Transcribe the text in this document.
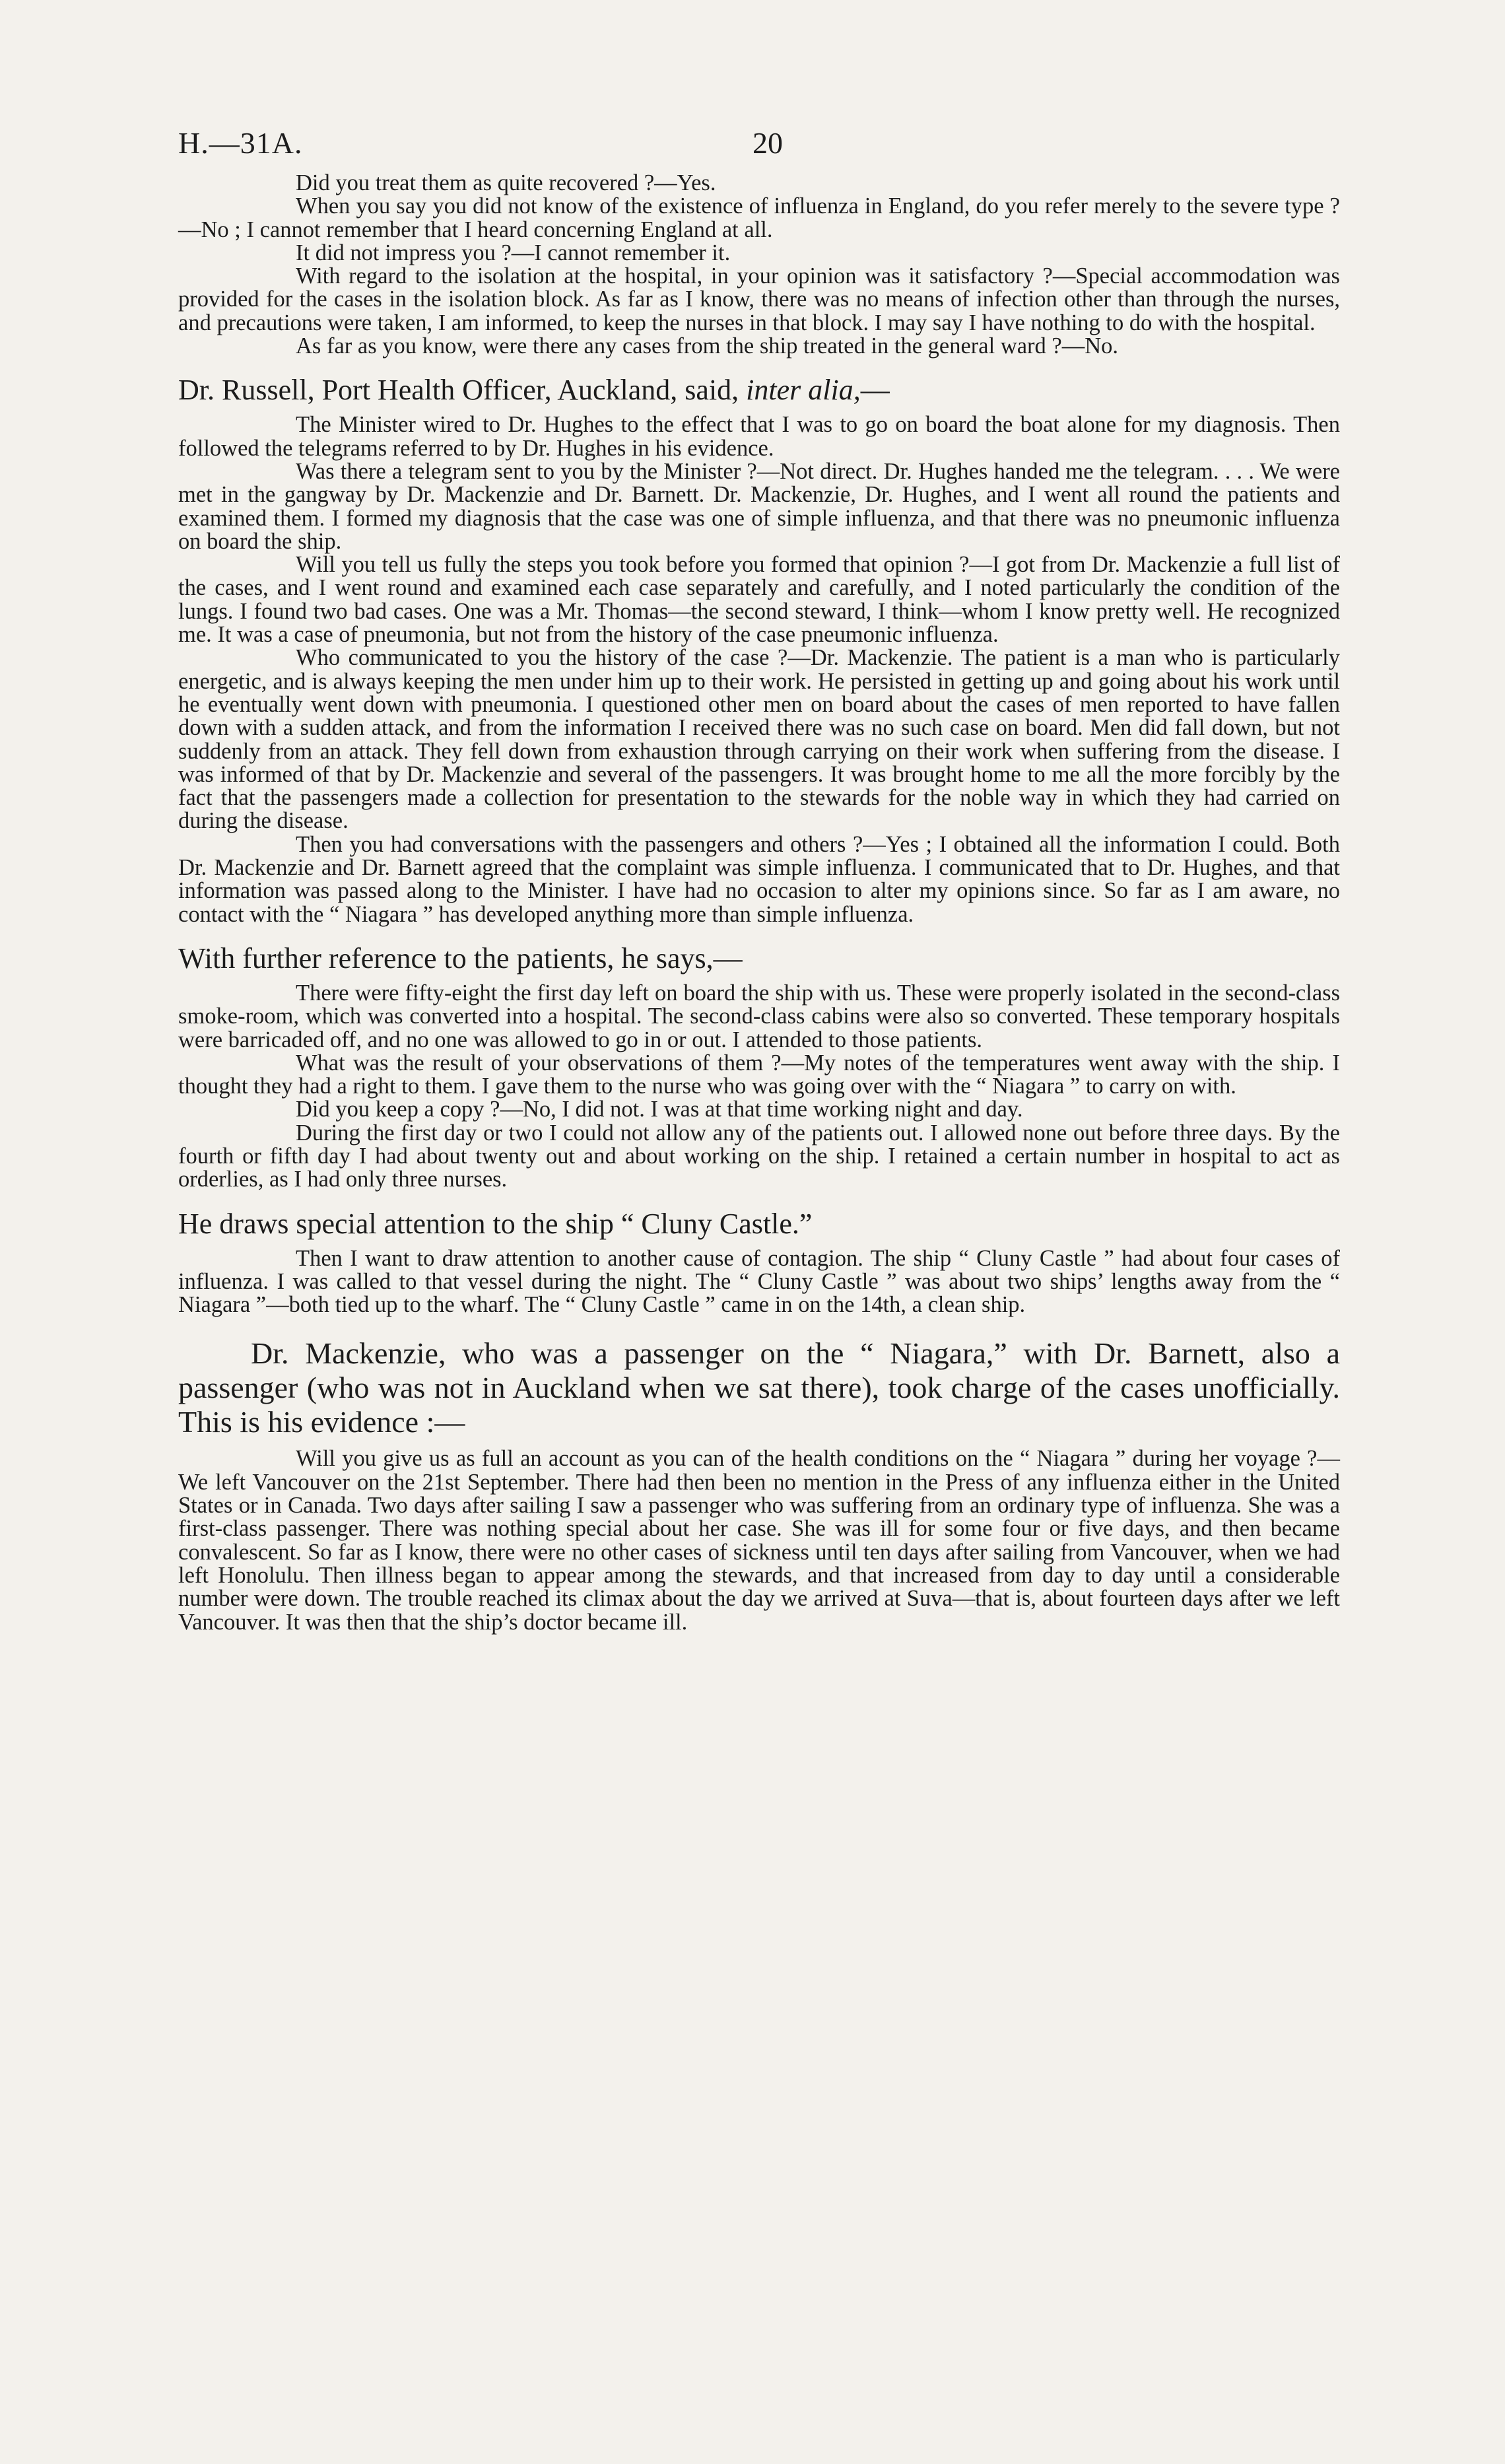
H.—31A.	20

Did you treat them as quite recovered ?—Yes.

When you say you did not know of the existence of influenza in England, do you refer merely to the severe type ?—No ; I cannot remember that I heard concerning England at all.

It did not impress you ?—I cannot remember it.

With regard to the isolation at the hospital, in your opinion was it satisfactory ?—Special accommodation was provided for the cases in the isolation block. As far as I know, there was no means of infection other than through the nurses, and precautions were taken, I am informed, to keep the nurses in that block. I may say I have nothing to do with the hospital.

As far as you know, were there any cases from the ship treated in the general ward ?—No.

Dr. Russell, Port Health Officer, Auckland, said, inter alia,—

The Minister wired to Dr. Hughes to the effect that I was to go on board the boat alone for my diagnosis. Then followed the telegrams referred to by Dr. Hughes in his evidence.

Was there a telegram sent to you by the Minister ?—Not direct. Dr. Hughes handed me the telegram. . . . We were met in the gangway by Dr. Mackenzie and Dr. Barnett. Dr. Mackenzie, Dr. Hughes, and I went all round the patients and examined them. I formed my diagnosis that the case was one of simple influenza, and that there was no pneumonic influenza on board the ship.

Will you tell us fully the steps you took before you formed that opinion ?—I got from Dr. Mackenzie a full list of the cases, and I went round and examined each case separately and carefully, and I noted particularly the condition of the lungs. I found two bad cases. One was a Mr. Thomas—the second steward, I think—whom I know pretty well. He recognized me. It was a case of pneumonia, but not from the history of the case pneumonic influenza.

Who communicated to you the history of the case ?—Dr. Mackenzie. The patient is a man who is particularly energetic, and is always keeping the men under him up to their work. He persisted in getting up and going about his work until he eventually went down with pneumonia. I questioned other men on board about the cases of men reported to have fallen down with a sudden attack, and from the information I received there was no such case on board. Men did fall down, but not suddenly from an attack. They fell down from exhaustion through carrying on their work when suffering from the disease. I was informed of that by Dr. Mackenzie and several of the passengers. It was brought home to me all the more forcibly by the fact that the passengers made a collection for presentation to the stewards for the noble way in which they had carried on during the disease.

Then you had conversations with the passengers and others ?—Yes ; I obtained all the information I could. Both Dr. Mackenzie and Dr. Barnett agreed that the complaint was simple influenza. I communicated that to Dr. Hughes, and that information was passed along to the Minister. I have had no occasion to alter my opinions since. So far as I am aware, no contact with the “ Niagara ” has developed anything more than simple influenza.

With further reference to the patients, he says,—

There were fifty-eight the first day left on board the ship with us. These were properly isolated in the second-class smoke-room, which was converted into a hospital. The second-class cabins were also so converted. These temporary hospitals were barricaded off, and no one was allowed to go in or out. I attended to those patients.

What was the result of your observations of them ?—My notes of the temperatures went away with the ship. I thought they had a right to them. I gave them to the nurse who was going over with the “ Niagara ” to carry on with.

Did you keep a copy ?—No, I did not. I was at that time working night and day.

During the first day or two I could not allow any of the patients out. I allowed none out before three days. By the fourth or fifth day I had about twenty out and about working on the ship. I retained a certain number in hospital to act as orderlies, as I had only three nurses.

He draws special attention to the ship “ Cluny Castle.”

Then I want to draw attention to another cause of contagion. The ship “ Cluny Castle ” had about four cases of influenza. I was called to that vessel during the night. The “ Cluny Castle ” was about two ships’ lengths away from the “ Niagara ”—both tied up to the wharf. The “ Cluny Castle ” came in on the 14th, a clean ship.

Dr. Mackenzie, who was a passenger on the “ Niagara,” with Dr. Barnett, also a passenger (who was not in Auckland when we sat there), took charge of the cases unofficially. This is his evidence :—

Will you give us as full an account as you can of the health conditions on the “ Niagara ” during her voyage ?—We left Vancouver on the 21st September. There had then been no mention in the Press of any influenza either in the United States or in Canada. Two days after sailing I saw a passenger who was suffering from an ordinary type of influenza. She was a first-class passenger. There was nothing special about her case. She was ill for some four or five days, and then became convalescent. So far as I know, there were no other cases of sickness until ten days after sailing from Vancouver, when we had left Honolulu. Then illness began to appear among the stewards, and that increased from day to day until a considerable number were down. The trouble reached its climax about the day we arrived at Suva—that is, about fourteen days after we left Vancouver. It was then that the ship’s doctor became ill.
